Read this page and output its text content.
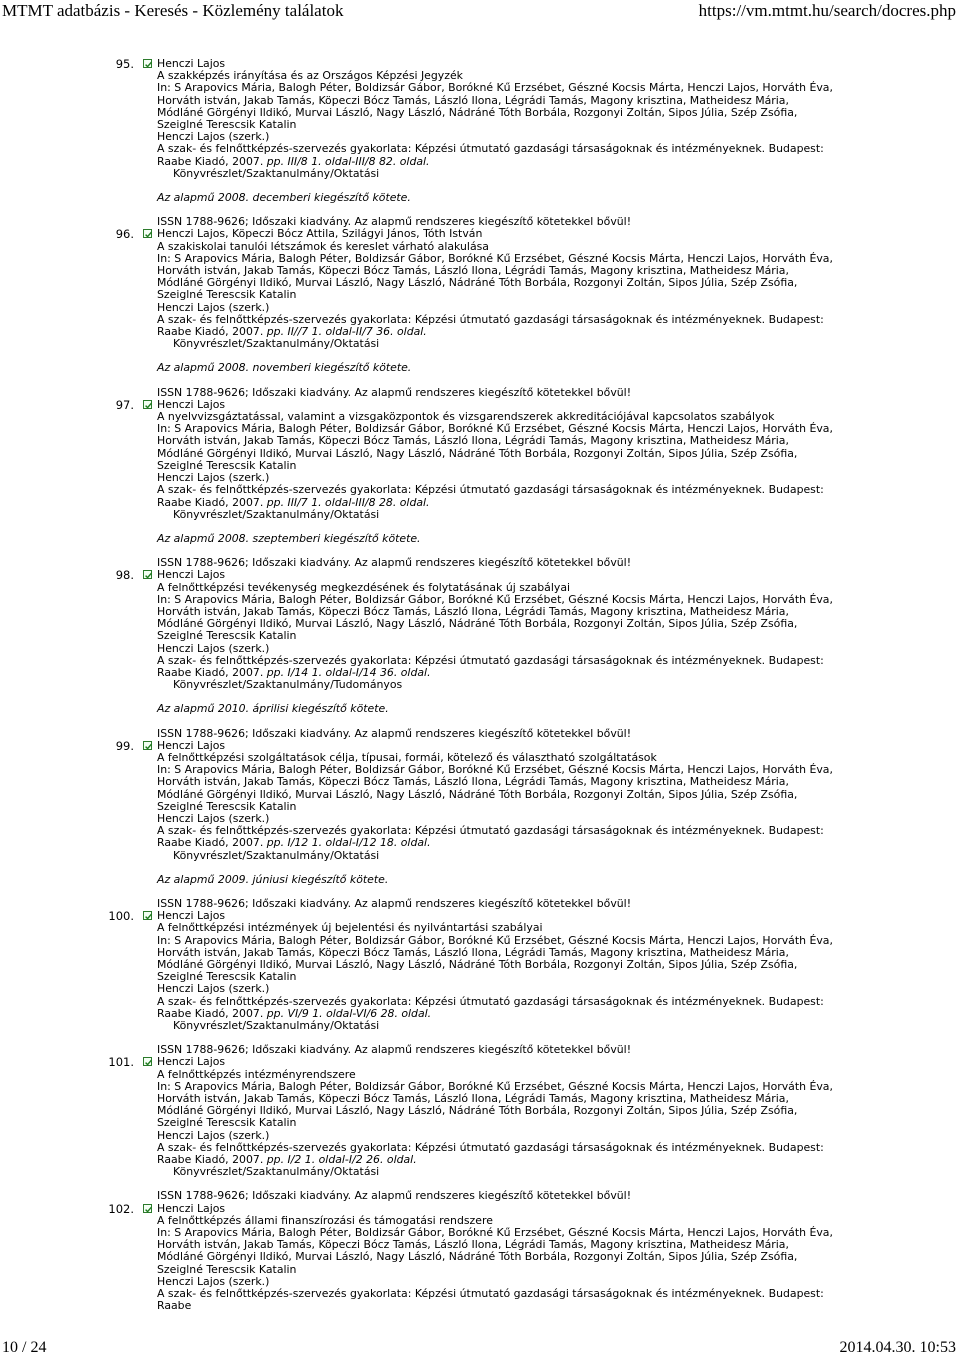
MTMT adatbázis - Keresés - Közlemény találatok	https://vm.mtmt.hu/search/docres.php
95. Henczi Lajos
A szakképzés irányítása és az Országos Képzési Jegyzék
In: S Arapovics Mária, Balogh Péter, Boldizsár Gábor, Borókné Kű Erzsébet, Gészné Kocsis Márta, Henczi Lajos, Horváth Éva, Horváth istván, Jakab Tamás, Köpeczi Bócz Tamás, László Ilona, Légrádi Tamás, Magony krisztina, Matheidesz Mária, Módláné Görgényi Ildikó, Murvai László, Nagy László, Nádráné Tóth Borbála, Rozgonyi Zoltán, Sipos Júlia, Szép Zsófia, Szeiglné Terescsik Katalin
Henczi Lajos (szerk.)
A szak- és felnőttképzés-szervezés gyakorlata: Képzési útmutató gazdasági társaságoknak és intézményeknek. Budapest: Raabe Kiadó, 2007. pp. III/8 1. oldal-III/8 82. oldal.
Könyvrészlet/Szaktanulmány/Oktatási
Az alapmű 2008. decemberi kiegészítő kötete.
ISSN 1788-9626; Időszaki kiadvány. Az alapmű rendszeres kiegészítő kötetekkel bővül!
96. Henczi Lajos, Köpeczi Bócz Attila, Szilágyi János, Tóth István
A szakiskolai tanulói létszámok és kereslet várható alakulása
In: S Arapovics Mária, Balogh Péter, Boldizsár Gábor, Borókné Kű Erzsébet, Gészné Kocsis Márta, Henczi Lajos, Horváth Éva, Horváth istván, Jakab Tamás, Köpeczi Bócz Tamás, László Ilona, Légrádi Tamás, Magony krisztina, Matheidesz Mária, Módláné Görgényi Ildikó, Murvai László, Nagy László, Nádráné Tóth Borbála, Rozgonyi Zoltán, Sipos Júlia, Szép Zsófia, Szeiglné Terescsik Katalin
Henczi Lajos (szerk.)
A szak- és felnőttképzés-szervezés gyakorlata: Képzési útmutató gazdasági társaságoknak és intézményeknek. Budapest: Raabe Kiadó, 2007. pp. II//7 1. oldal-II/7 36. oldal.
Könyvrészlet/Szaktanulmány/Oktatási
Az alapmű 2008. novemberi kiegészítő kötete.
ISSN 1788-9626; Időszaki kiadvány. Az alapmű rendszeres kiegészítő kötetekkel bővül!
97. Henczi Lajos
A nyelvvizsgáztatással, valamint a vizsgaközpontok és vizsgarendszerek akkreditációjával kapcsolatos szabályok
In: S Arapovics Mária, Balogh Péter, Boldizsár Gábor, Borókné Kű Erzsébet, Gészné Kocsis Márta, Henczi Lajos, Horváth Éva, Horváth istván, Jakab Tamás, Köpeczi Bócz Tamás, László Ilona, Légrádi Tamás, Magony krisztina, Matheidesz Mária, Módláné Görgényi Ildikó, Murvai László, Nagy László, Nádráné Tóth Borbála, Rozgonyi Zoltán, Sipos Júlia, Szép Zsófia, Szeiglné Terescsik Katalin
Henczi Lajos (szerk.)
A szak- és felnőttképzés-szervezés gyakorlata: Képzési útmutató gazdasági társaságoknak és intézményeknek. Budapest: Raabe Kiadó, 2007. pp. III/7 1. oldal-III/8 28. oldal.
Könyvrészlet/Szaktanulmány/Oktatási
Az alapmű 2008. szeptemberi kiegészítő kötete.
ISSN 1788-9626; Időszaki kiadvány. Az alapmű rendszeres kiegészítő kötetekkel bővül!
98. Henczi Lajos
A felnőttképzési tevékenység megkezdésének és folytatásának új szabályai
In: S Arapovics Mária, Balogh Péter, Boldizsár Gábor, Borókné Kű Erzsébet, Gészné Kocsis Márta, Henczi Lajos, Horváth Éva, Horváth istván, Jakab Tamás, Köpeczi Bócz Tamás, László Ilona, Légrádi Tamás, Magony krisztina, Matheidesz Mária, Módláné Görgényi Ildikó, Murvai László, Nagy László, Nádráné Tóth Borbála, Rozgonyi Zoltán, Sipos Júlia, Szép Zsófia, Szeiglné Terescsik Katalin
Henczi Lajos (szerk.)
A szak- és felnőttképzés-szervezés gyakorlata: Képzési útmutató gazdasági társaságoknak és intézményeknek. Budapest: Raabe Kiadó, 2007. pp. I/14 1. oldal-I/14 36. oldal.
Könyvrészlet/Szaktanulmány/Tudományos
Az alapmű 2010. áprilisi kiegészítő kötete.
ISSN 1788-9626; Időszaki kiadvány. Az alapmű rendszeres kiegészítő kötetekkel bővül!
99. Henczi Lajos
A felnőttképzési szolgáltatások célja, típusai, formái, kötelező és választható szolgáltatások
In: S Arapovics Mária, Balogh Péter, Boldizsár Gábor, Borókné Kű Erzsébet, Gészné Kocsis Márta, Henczi Lajos, Horváth Éva, Horváth istván, Jakab Tamás, Köpeczi Bócz Tamás, László Ilona, Légrádi Tamás, Magony krisztina, Matheidesz Mária, Módláné Görgényi Ildikó, Murvai László, Nagy László, Nádráné Tóth Borbála, Rozgonyi Zoltán, Sipos Júlia, Szép Zsófia, Szeiglné Terescsik Katalin
Henczi Lajos (szerk.)
A szak- és felnőttképzés-szervezés gyakorlata: Képzési útmutató gazdasági társaságoknak és intézményeknek. Budapest: Raabe Kiadó, 2007. pp. I/12 1. oldal-I/12 18. oldal.
Könyvrészlet/Szaktanulmány/Oktatási
Az alapmű 2009. júniusi kiegészítő kötete.
ISSN 1788-9626; Időszaki kiadvány. Az alapmű rendszeres kiegészítő kötetekkel bővül!
100. Henczi Lajos
A felnőttképzési intézmények új bejelentési és nyilvántartási szabályai
In: S Arapovics Mária, Balogh Péter, Boldizsár Gábor, Borókné Kű Erzsébet, Gészné Kocsis Márta, Henczi Lajos, Horváth Éva, Horváth istván, Jakab Tamás, Köpeczi Bócz Tamás, László Ilona, Légrádi Tamás, Magony krisztina, Matheidesz Mária, Módláné Görgényi Ildikó, Murvai László, Nagy László, Nádráné Tóth Borbála, Rozgonyi Zoltán, Sipos Júlia, Szép Zsófia, Szeiglné Terescsik Katalin
Henczi Lajos (szerk.)
A szak- és felnőttképzés-szervezés gyakorlata: Képzési útmutató gazdasági társaságoknak és intézményeknek. Budapest: Raabe Kiadó, 2007. pp. VI/9 1. oldal-VI/6 28. oldal.
Könyvrészlet/Szaktanulmány/Oktatási
ISSN 1788-9626; Időszaki kiadvány. Az alapmű rendszeres kiegészítő kötetekkel bővül!
101. Henczi Lajos
A felnőttképzés intézményrendszere
In: S Arapovics Mária, Balogh Péter, Boldizsár Gábor, Borókné Kű Erzsébet, Gészné Kocsis Márta, Henczi Lajos, Horváth Éva, Horváth istván, Jakab Tamás, Köpeczi Bócz Tamás, László Ilona, Légrádi Tamás, Magony krisztina, Matheidesz Mária, Módláné Görgényi Ildikó, Murvai László, Nagy László, Nádráné Tóth Borbála, Rozgonyi Zoltán, Sipos Júlia, Szép Zsófia, Szeiglné Terescsik Katalin
Henczi Lajos (szerk.)
A szak- és felnőttképzés-szervezés gyakorlata: Képzési útmutató gazdasági társaságoknak és intézményeknek. Budapest: Raabe Kiadó, 2007. pp. I/2 1. oldal-I/2 26. oldal.
Könyvrészlet/Szaktanulmány/Oktatási
ISSN 1788-9626; Időszaki kiadvány. Az alapmű rendszeres kiegészítő kötetekkel bővül!
102. Henczi Lajos
A felnőttképzés állami finanszírozási és támogatási rendszere
In: S Arapovics Mária, Balogh Péter, Boldizsár Gábor, Borókné Kű Erzsébet, Gészné Kocsis Márta, Henczi Lajos, Horváth Éva, Horváth istván, Jakab Tamás, Köpeczi Bócz Tamás, László Ilona, Légrádi Tamás, Magony krisztina, Matheidesz Mária, Módláné Görgényi Ildikó, Murvai László, Nagy László, Nádráné Tóth Borbála, Rozgonyi Zoltán, Sipos Júlia, Szép Zsófia, Szeiglné Terescsik Katalin
Henczi Lajos (szerk.)
A szak- és felnőttképzés-szervezés gyakorlata: Képzési útmutató gazdasági társaságoknak és intézményeknek. Budapest: Raabe
10 / 24	2014.04.30. 10:53
